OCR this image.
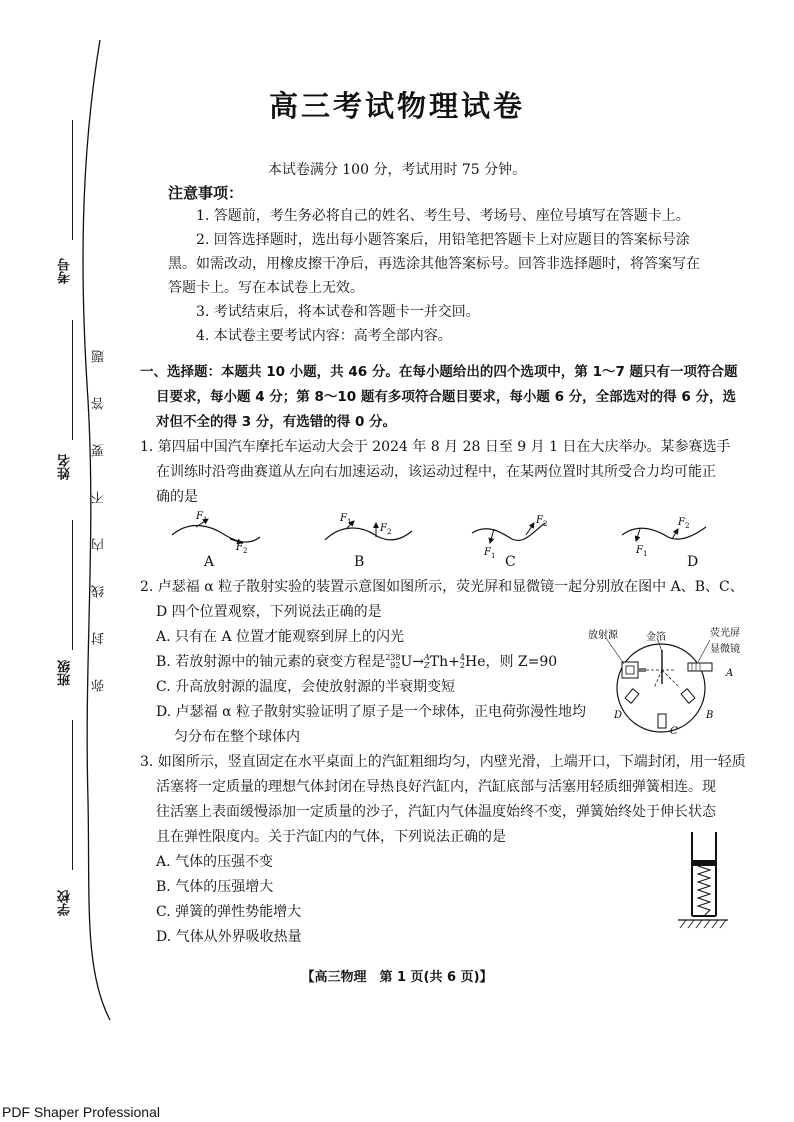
考号
姓名
班级
学校
题
答
要
不
内
线
封
弥
高三考试物理试卷
本试卷满分 100 分，考试用时 75 分钟。
注意事项：
1. 答题前，考生务必将自己的姓名、考生号、考场号、座位号填写在答题卡上。
2. 回答选择题时，选出每小题答案后，用铅笔把答题卡上对应题目的答案标号涂
黑。如需改动，用橡皮擦干净后，再选涂其他答案标号。回答非选择题时，将答案写在
答题卡上。写在本试卷上无效。
3. 考试结束后，将本试卷和答题卡一并交回。
4. 本试卷主要考试内容：高考全部内容。
一、选择题：本题共 10 小题，共 46 分。在每小题给出的四个选项中，第 1～7 题只有一项符合题
目要求，每小题 4 分；第 8～10 题有多项符合题目要求，每小题 6 分，全部选对的得 6 分，选
对但不全的得 3 分，有选错的得 0 分。
1. 第四届中国汽车摩托车运动大会于 2024 年 8 月 28 日至 9 月 1 日在大庆举办。某参赛选手
在训练时沿弯曲赛道从左向右加速运动，该运动过程中，在某两位置时其所受合力均可能正
确的是
$F_1$
$F_2$
$F_1$
$F_2$
$F_1$
$F_2$
$F_1$
$F_2$
A	B	C	D
2. 卢瑟福 α 粒子散射实验的装置示意图如图所示，荧光屏和显微镜一起分别放在图中 A、B、C、
D 四个位置观察，下列说法正确的是
A. 只有在 A 位置才能观察到屏上的闪光
B. 若放射源中的铀元素的衰变方程是238
92U→A
ZTh+4
2He，则 Z=90
C. 升高放射源的温度，会使放射源的半衰期变短
D. 卢瑟福 α 粒子散射实验证明了原子是一个球体，正电荷弥漫性地均
匀分布在整个球体内
放射源	金箔	荧光屏
显微镜
A
B
C
D
3. 如图所示，竖直固定在水平桌面上的汽缸粗细均匀，内壁光滑，上端开口，下端封闭，用一轻质
活塞将一定质量的理想气体封闭在导热良好汽缸内，汽缸底部与活塞用轻质细弹簧相连。现
往活塞上表面缓慢添加一定质量的沙子，汽缸内气体温度始终不变，弹簧始终处于伸长状态
且在弹性限度内。关于汽缸内的气体，下列说法正确的是
A. 气体的压强不变
B. 气体的压强增大
C. 弹簧的弹性势能增大
D. 气体从外界吸收热量
【高三物理　第 1 页(共 6 页)】
PDF Shaper Professional
